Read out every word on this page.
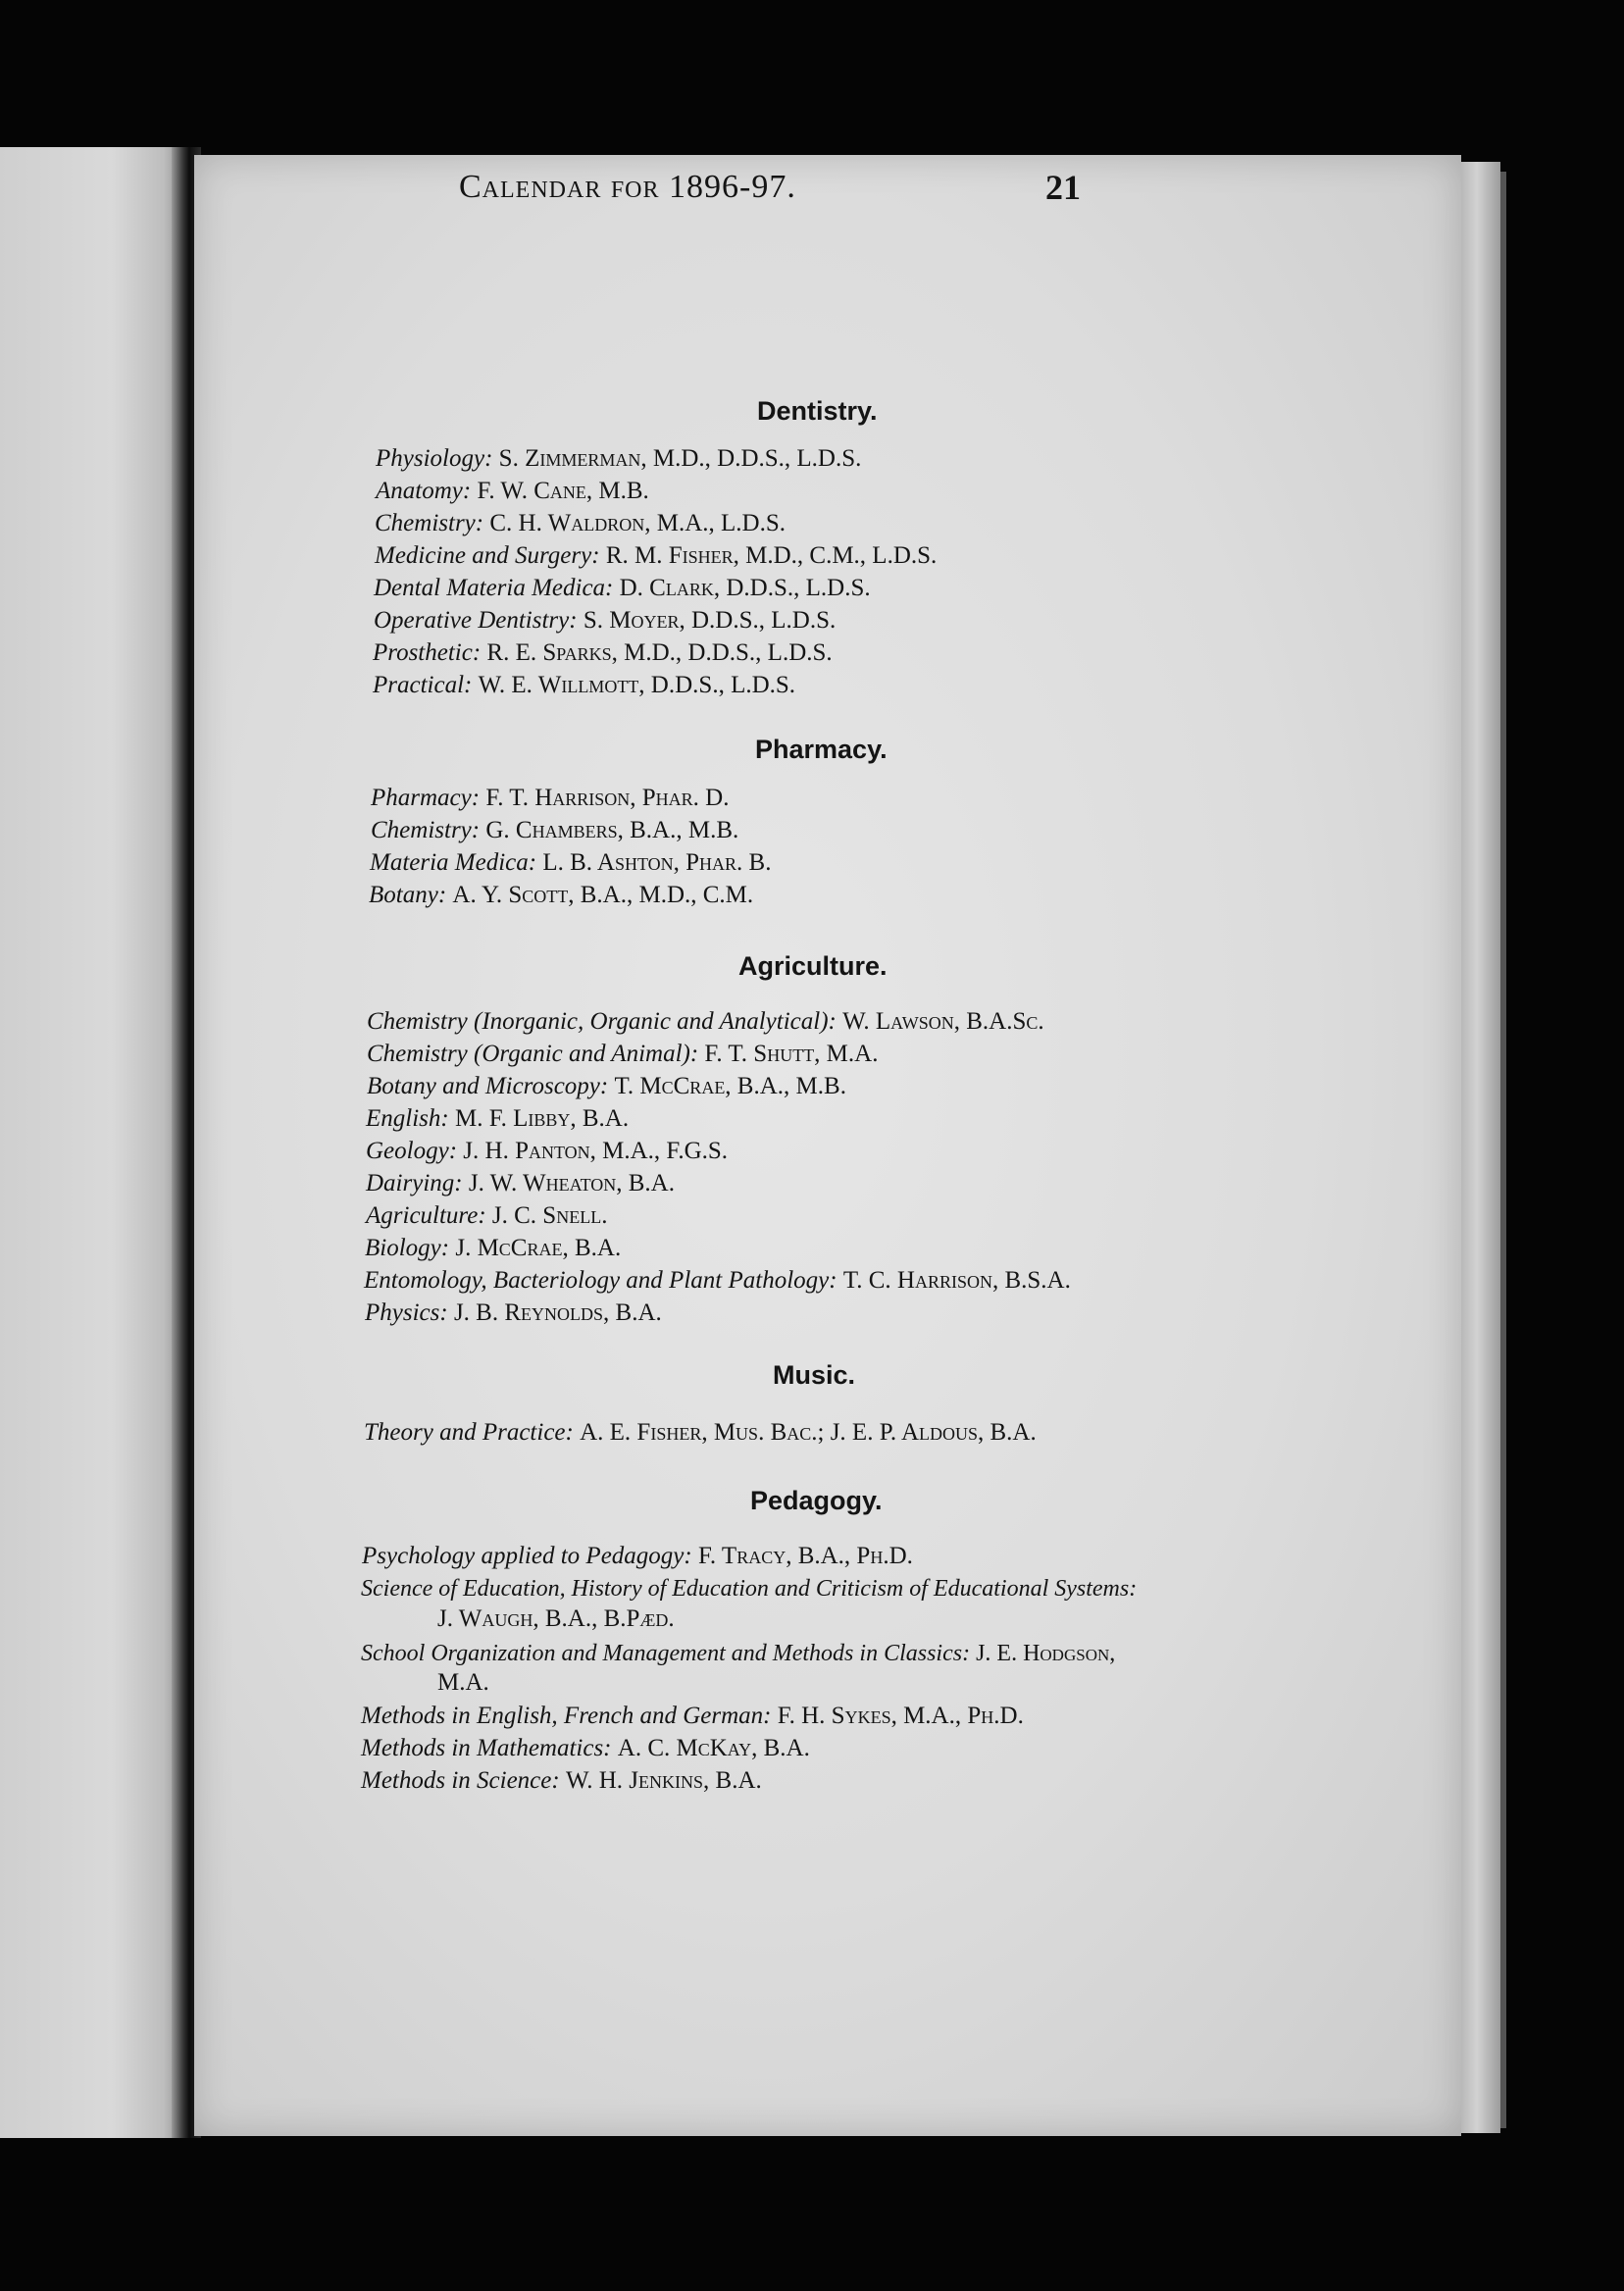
Calendar for 1896-97.	21
Dentistry.
Physiology: S. Zimmerman, M.D., D.D.S., L.D.S.
Anatomy: F. W. Cane, M.B.
Chemistry: C. H. Waldron, M.A., L.D.S.
Medicine and Surgery: R. M. Fisher, M.D., C.M., L.D.S.
Dental Materia Medica: D. Clark, D.D.S., L.D.S.
Operative Dentistry: S. Moyer, D.D.S., L.D.S.
Prosthetic: R. E. Sparks, M.D., D.D.S., L.D.S.
Practical: W. E. Willmott, D.D.S., L.D.S.
Pharmacy.
Pharmacy: F. T. Harrison, Phar. D.
Chemistry: G. Chambers, B.A., M.B.
Materia Medica: L. B. Ashton, Phar. B.
Botany: A. Y. Scott, B.A., M.D., C.M.
Agriculture.
Chemistry (Inorganic, Organic and Analytical): W. Lawson, B.A.Sc.
Chemistry (Organic and Animal): F. T. Shutt, M.A.
Botany and Microscopy: T. McCrae, B.A., M.B.
English: M. F. Libby, B.A.
Geology: J. H. Panton, M.A., F.G.S.
Dairying: J. W. Wheaton, B.A.
Agriculture: J. C. Snell.
Biology: J. McCrae, B.A.
Entomology, Bacteriology and Plant Pathology: T. C. Harrison, B.S.A.
Physics: J. B. Reynolds, B.A.
Music.
Theory and Practice: A. E. Fisher, Mus. Bac.; J. E. P. Aldous, B.A.
Pedagogy.
Psychology applied to Pedagogy: F. Tracy, B.A., Ph.D.
Science of Education, History of Education and Criticism of Educational Systems:
J. Waugh, B.A., B.Pæd.
School Organization and Management and Methods in Classics: J. E. Hodgson,
M.A.
Methods in English, French and German: F. H. Sykes, M.A., Ph.D.
Methods in Mathematics: A. C. McKay, B.A.
Methods in Science: W. H. Jenkins, B.A.
